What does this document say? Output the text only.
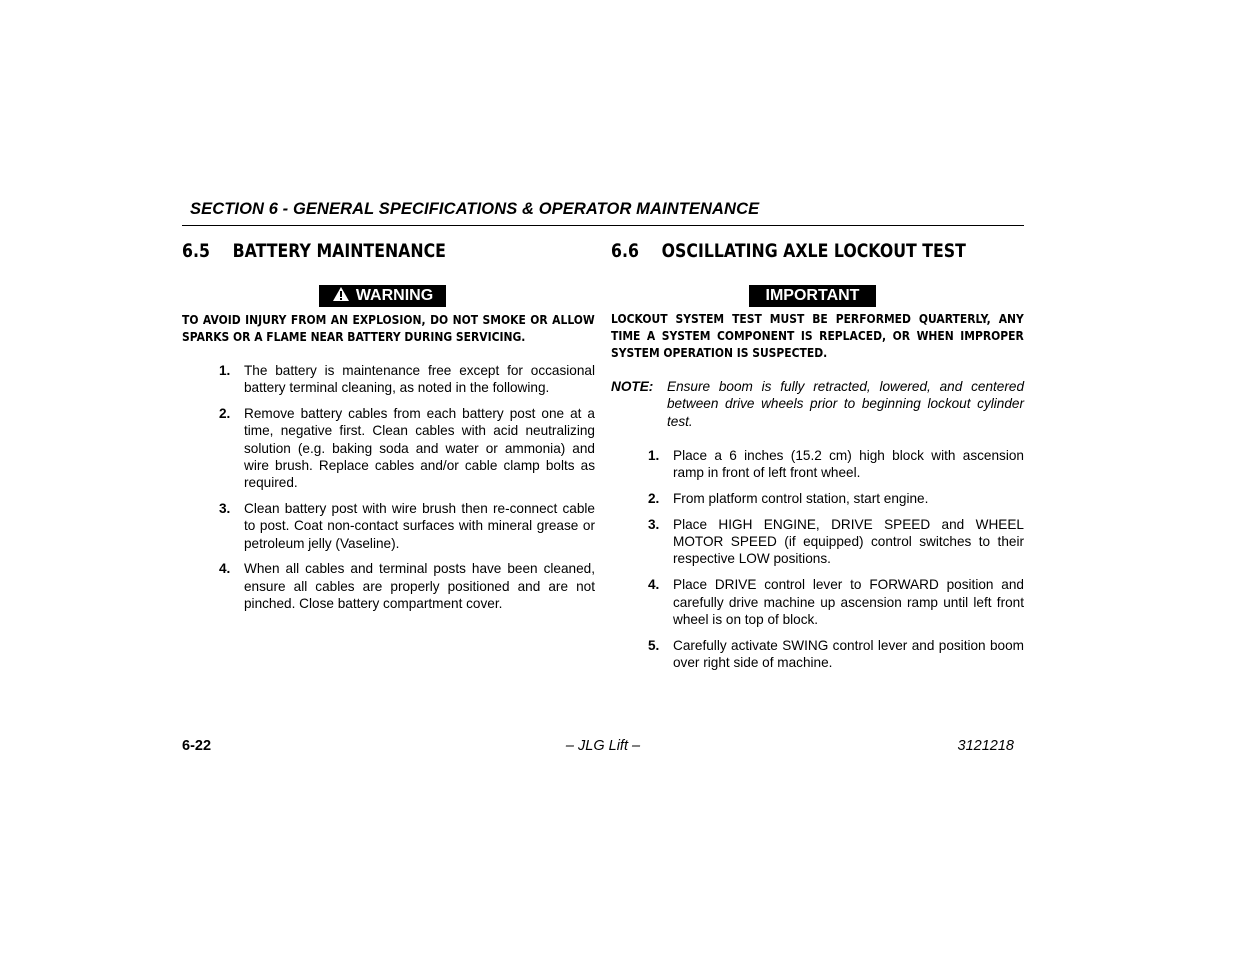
SECTION 6 - GENERAL SPECIFICATIONS & OPERATOR MAINTENANCE
6.5 BATTERY MAINTENANCE
WARNING
TO AVOID INJURY FROM AN EXPLOSION, DO NOT SMOKE OR ALLOW SPARKS OR A FLAME NEAR BATTERY DURING SERVICING.
1. The battery is maintenance free except for occasional battery terminal cleaning, as noted in the following.
2. Remove battery cables from each battery post one at a time, negative first. Clean cables with acid neutralizing solution (e.g. baking soda and water or ammonia) and wire brush. Replace cables and/or cable clamp bolts as required.
3. Clean battery post with wire brush then re-connect cable to post. Coat non-contact surfaces with mineral grease or petroleum jelly (Vaseline).
4. When all cables and terminal posts have been cleaned, ensure all cables are properly positioned and are not pinched. Close battery compartment cover.
6.6 OSCILLATING AXLE LOCKOUT TEST
IMPORTANT
LOCKOUT SYSTEM TEST MUST BE PERFORMED QUARTERLY, ANY TIME A SYSTEM COMPONENT IS REPLACED, OR WHEN IMPROPER SYSTEM OPERATION IS SUSPECTED.
NOTE: Ensure boom is fully retracted, lowered, and centered between drive wheels prior to beginning lockout cylinder test.
1. Place a 6 inches (15.2 cm) high block with ascension ramp in front of left front wheel.
2. From platform control station, start engine.
3. Place HIGH ENGINE, DRIVE SPEED and WHEEL MOTOR SPEED (if equipped) control switches to their respective LOW positions.
4. Place DRIVE control lever to FORWARD position and carefully drive machine up ascension ramp until left front wheel is on top of block.
5. Carefully activate SWING control lever and position boom over right side of machine.
6-22	– JLG Lift –	3121218
